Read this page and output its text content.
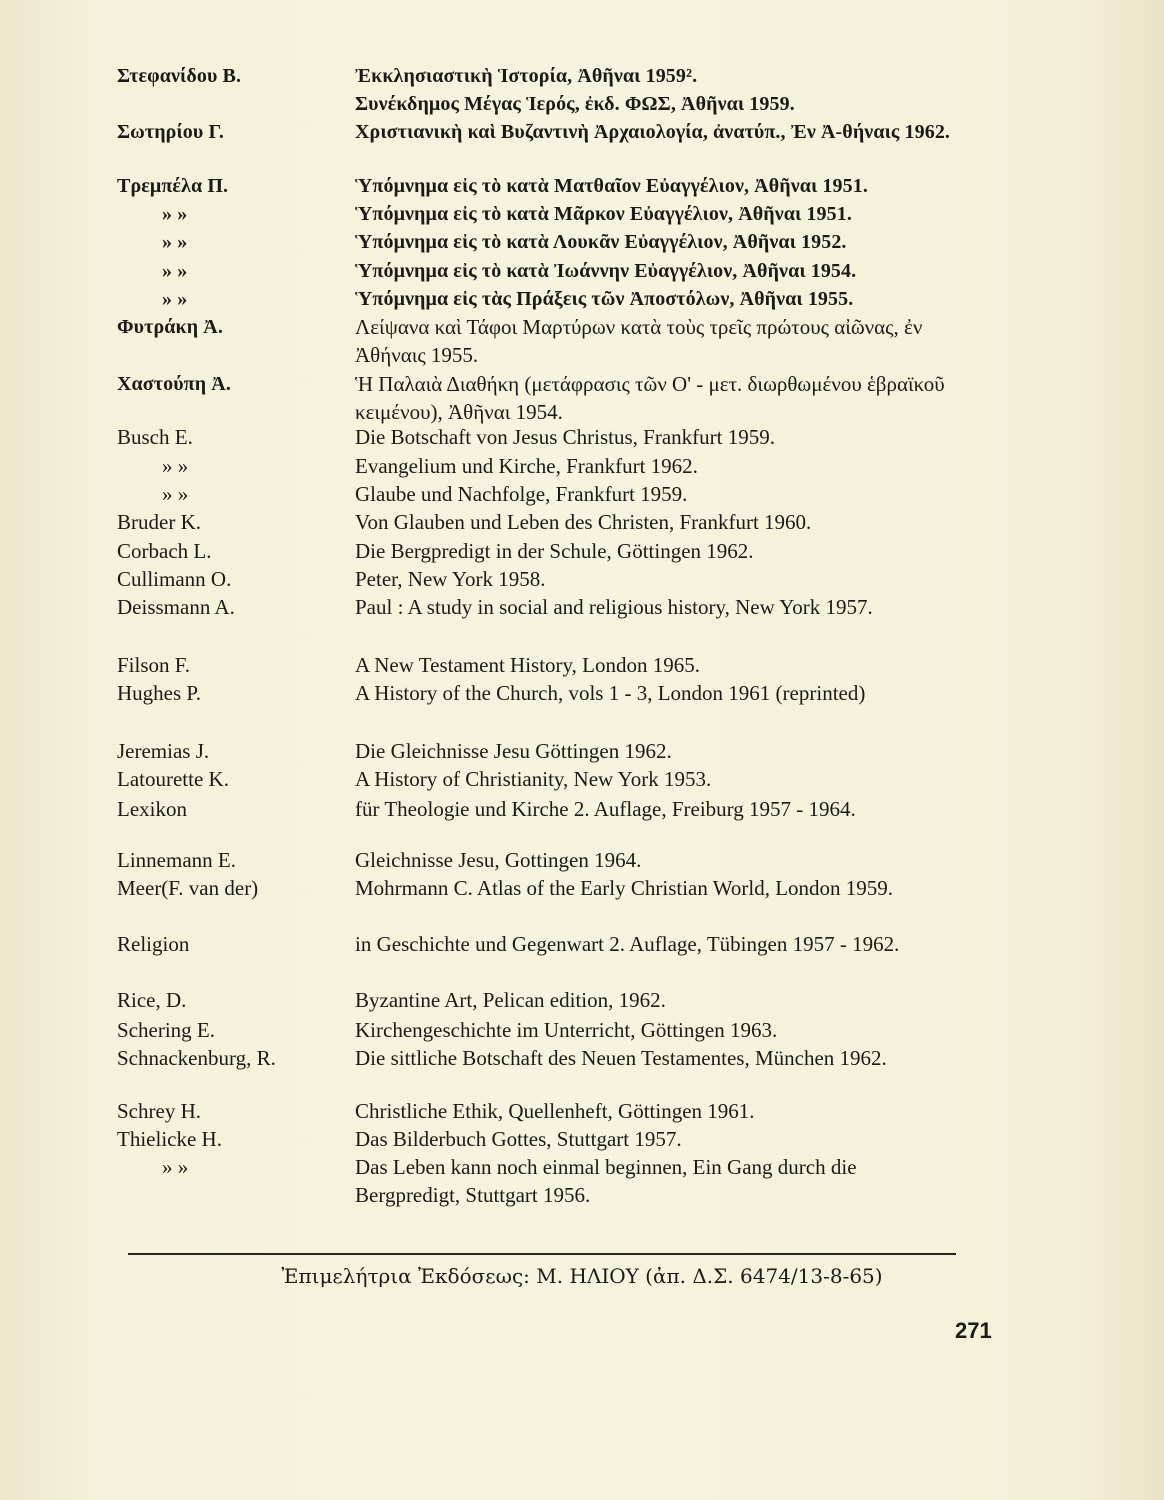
Στεφανίδου Β.	Ἐκκλησιαστικὴ Ἱστορία, Ἀθῆναι 1959².
Συνέκδημος Μέγας Ἱερός, ἐκδ. ΦΩΣ, Ἀθῆναι 1959.
Σωτηρίου Γ.	Χριστιανικὴ καὶ Βυζαντινὴ Ἀρχαιολογία, ἀνατύπ., Ἐν Ἀ-θήναις 1962.
Τρεμπέλα Π.	Ὑπόμνημα εἰς τὸ κατὰ Ματθαῖον Εὐαγγέλιον, Ἀθῆναι 1951.
» »	Ὑπόμνημα εἰς τὸ κατὰ Μᾶρκον Εὐαγγέλιον, Ἀθῆναι 1951.
» »	Ὑπόμνημα εἰς τὸ κατὰ Λουκᾶν Εὐαγγέλιον, Ἀθῆναι 1952.
» »	Ὑπόμνημα εἰς τὸ κατὰ Ἰωάννην Εὐαγγέλιον, Ἀθῆναι 1954.
» »	Ὑπόμνημα εἰς τὰς Πράξεις τῶν Ἀποστόλων, Ἀθῆναι 1955.
Φυτράκη Ἀ.	Λείψανα καὶ Τάφοι Μαρτύρων κατὰ τοὺς τρεῖς πρώτους αἰῶνας, ἐν Ἀθήναις 1955.
Χαστούπη Ἀ.	Ἡ Παλαιὰ Διαθήκη (μετάφρασις τῶν Ο' - μετ. διωρθωμένου ἑβραϊκοῦ κειμένου), Ἀθῆναι 1954.
Busch E.	Die Botschaft von Jesus Christus, Frankfurt 1959.
» »	Evangelium und Kirche, Frankfurt 1962.
» »	Glaube und Nachfolge, Frankfurt 1959.
Bruder K.	Von Glauben und Leben des Christen, Frankfurt 1960.
Corbach L.	Die Bergpredigt in der Schule, Göttingen 1962.
Cullimann O.	Peter, New York 1958.
Deissmann A.	Paul : A study in social and religious history, New York 1957.
Filson F.	A New Testament History, London 1965.
Hughes P.	A History of the Church, vols 1 - 3, London 1961 (reprinted)
Jeremias J.	Die Gleichnisse Jesu Göttingen 1962.
Latourette K.	A History of Christianity, New York 1953.
Lexikon	für Theologie und Kirche 2. Auflage, Freiburg 1957 - 1964.
Linnemann E.	Gleichnisse Jesu, Gottingen 1964.
Meer(F. van der)	Mohrmann C. Atlas of the Early Christian World, London 1959.
Religion	in Geschichte und Gegenwart 2. Auflage, Tübingen 1957 - 1962.
Rice, D.	Byzantine Art, Pelican edition, 1962.
Schering E.	Kirchengeschichte im Unterricht, Göttingen 1963.
Schnackenburg, R.	Die sittliche Botschaft des Neuen Testamentes, München 1962.
Schrey H.	Christliche Ethik, Quellenheft, Göttingen 1961.
Thielicke H.	Das Bilderbuch Gottes, Stuttgart 1957.
» »	Das Leben kann noch einmal beginnen, Ein Gang durch die Bergpredigt, Stuttgart 1956.
Ἐπιμελήτρια Ἐκδόσεως: Μ. ΗΛΙΟΥ (ἀπ. Δ.Σ. 6474/13-8-65)
271
